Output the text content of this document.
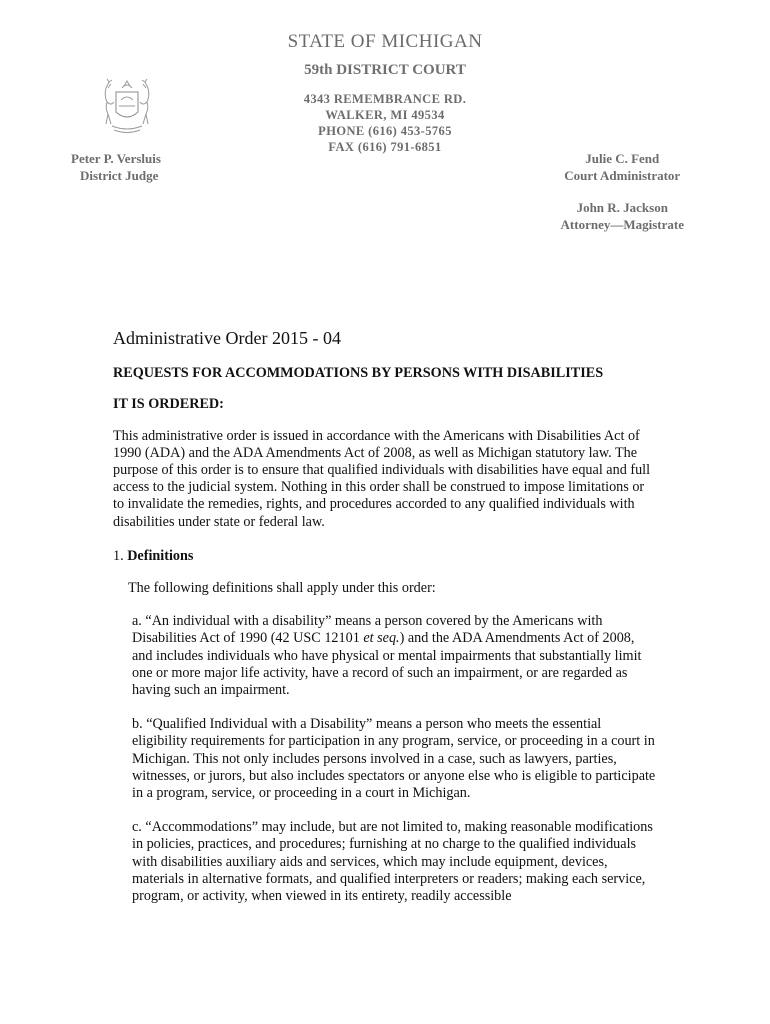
STATE OF MICHIGAN
59th DISTRICT COURT
4343 REMEMBRANCE RD.
WALKER, MI 49534
PHONE (616) 453-5765
FAX (616) 791-6851
Peter P. Versluis
District Judge
Julie C. Fend
Court Administrator
John R. Jackson
Attorney—Magistrate
Administrative Order 2015 - 04

REQUESTS FOR ACCOMMODATIONS BY PERSONS WITH DISABILITIES

IT IS ORDERED:

This administrative order is issued in accordance with the Americans with Disabilities Act of 1990 (ADA) and the ADA Amendments Act of 2008, as well as Michigan statutory law. The purpose of this order is to ensure that qualified individuals with disabilities have equal and full access to the judicial system. Nothing in this order shall be construed to impose limitations or to invalidate the remedies, rights, and procedures accorded to any qualified individuals with disabilities under state or federal law.

1. Definitions

The following definitions shall apply under this order:

a. “An individual with a disability” means a person covered by the Americans with Disabilities Act of 1990 (42 USC 12101 et seq.) and the ADA Amendments Act of 2008, and includes individuals who have physical or mental impairments that substantially limit one or more major life activity, have a record of such an impairment, or are regarded as having such an impairment.

b. “Qualified Individual with a Disability” means a person who meets the essential eligibility requirements for participation in any program, service, or proceeding in a court in Michigan. This not only includes persons involved in a case, such as lawyers, parties, witnesses, or jurors, but also includes spectators or anyone else who is eligible to participate in a program, service, or proceeding in a court in Michigan.

c. “Accommodations” may include, but are not limited to, making reasonable modifications in policies, practices, and procedures; furnishing at no charge to the qualified individuals with disabilities auxiliary aids and services, which may include equipment, devices, materials in alternative formats, and qualified interpreters or readers; making each service, program, or activity, when viewed in its entirety, readily accessible
